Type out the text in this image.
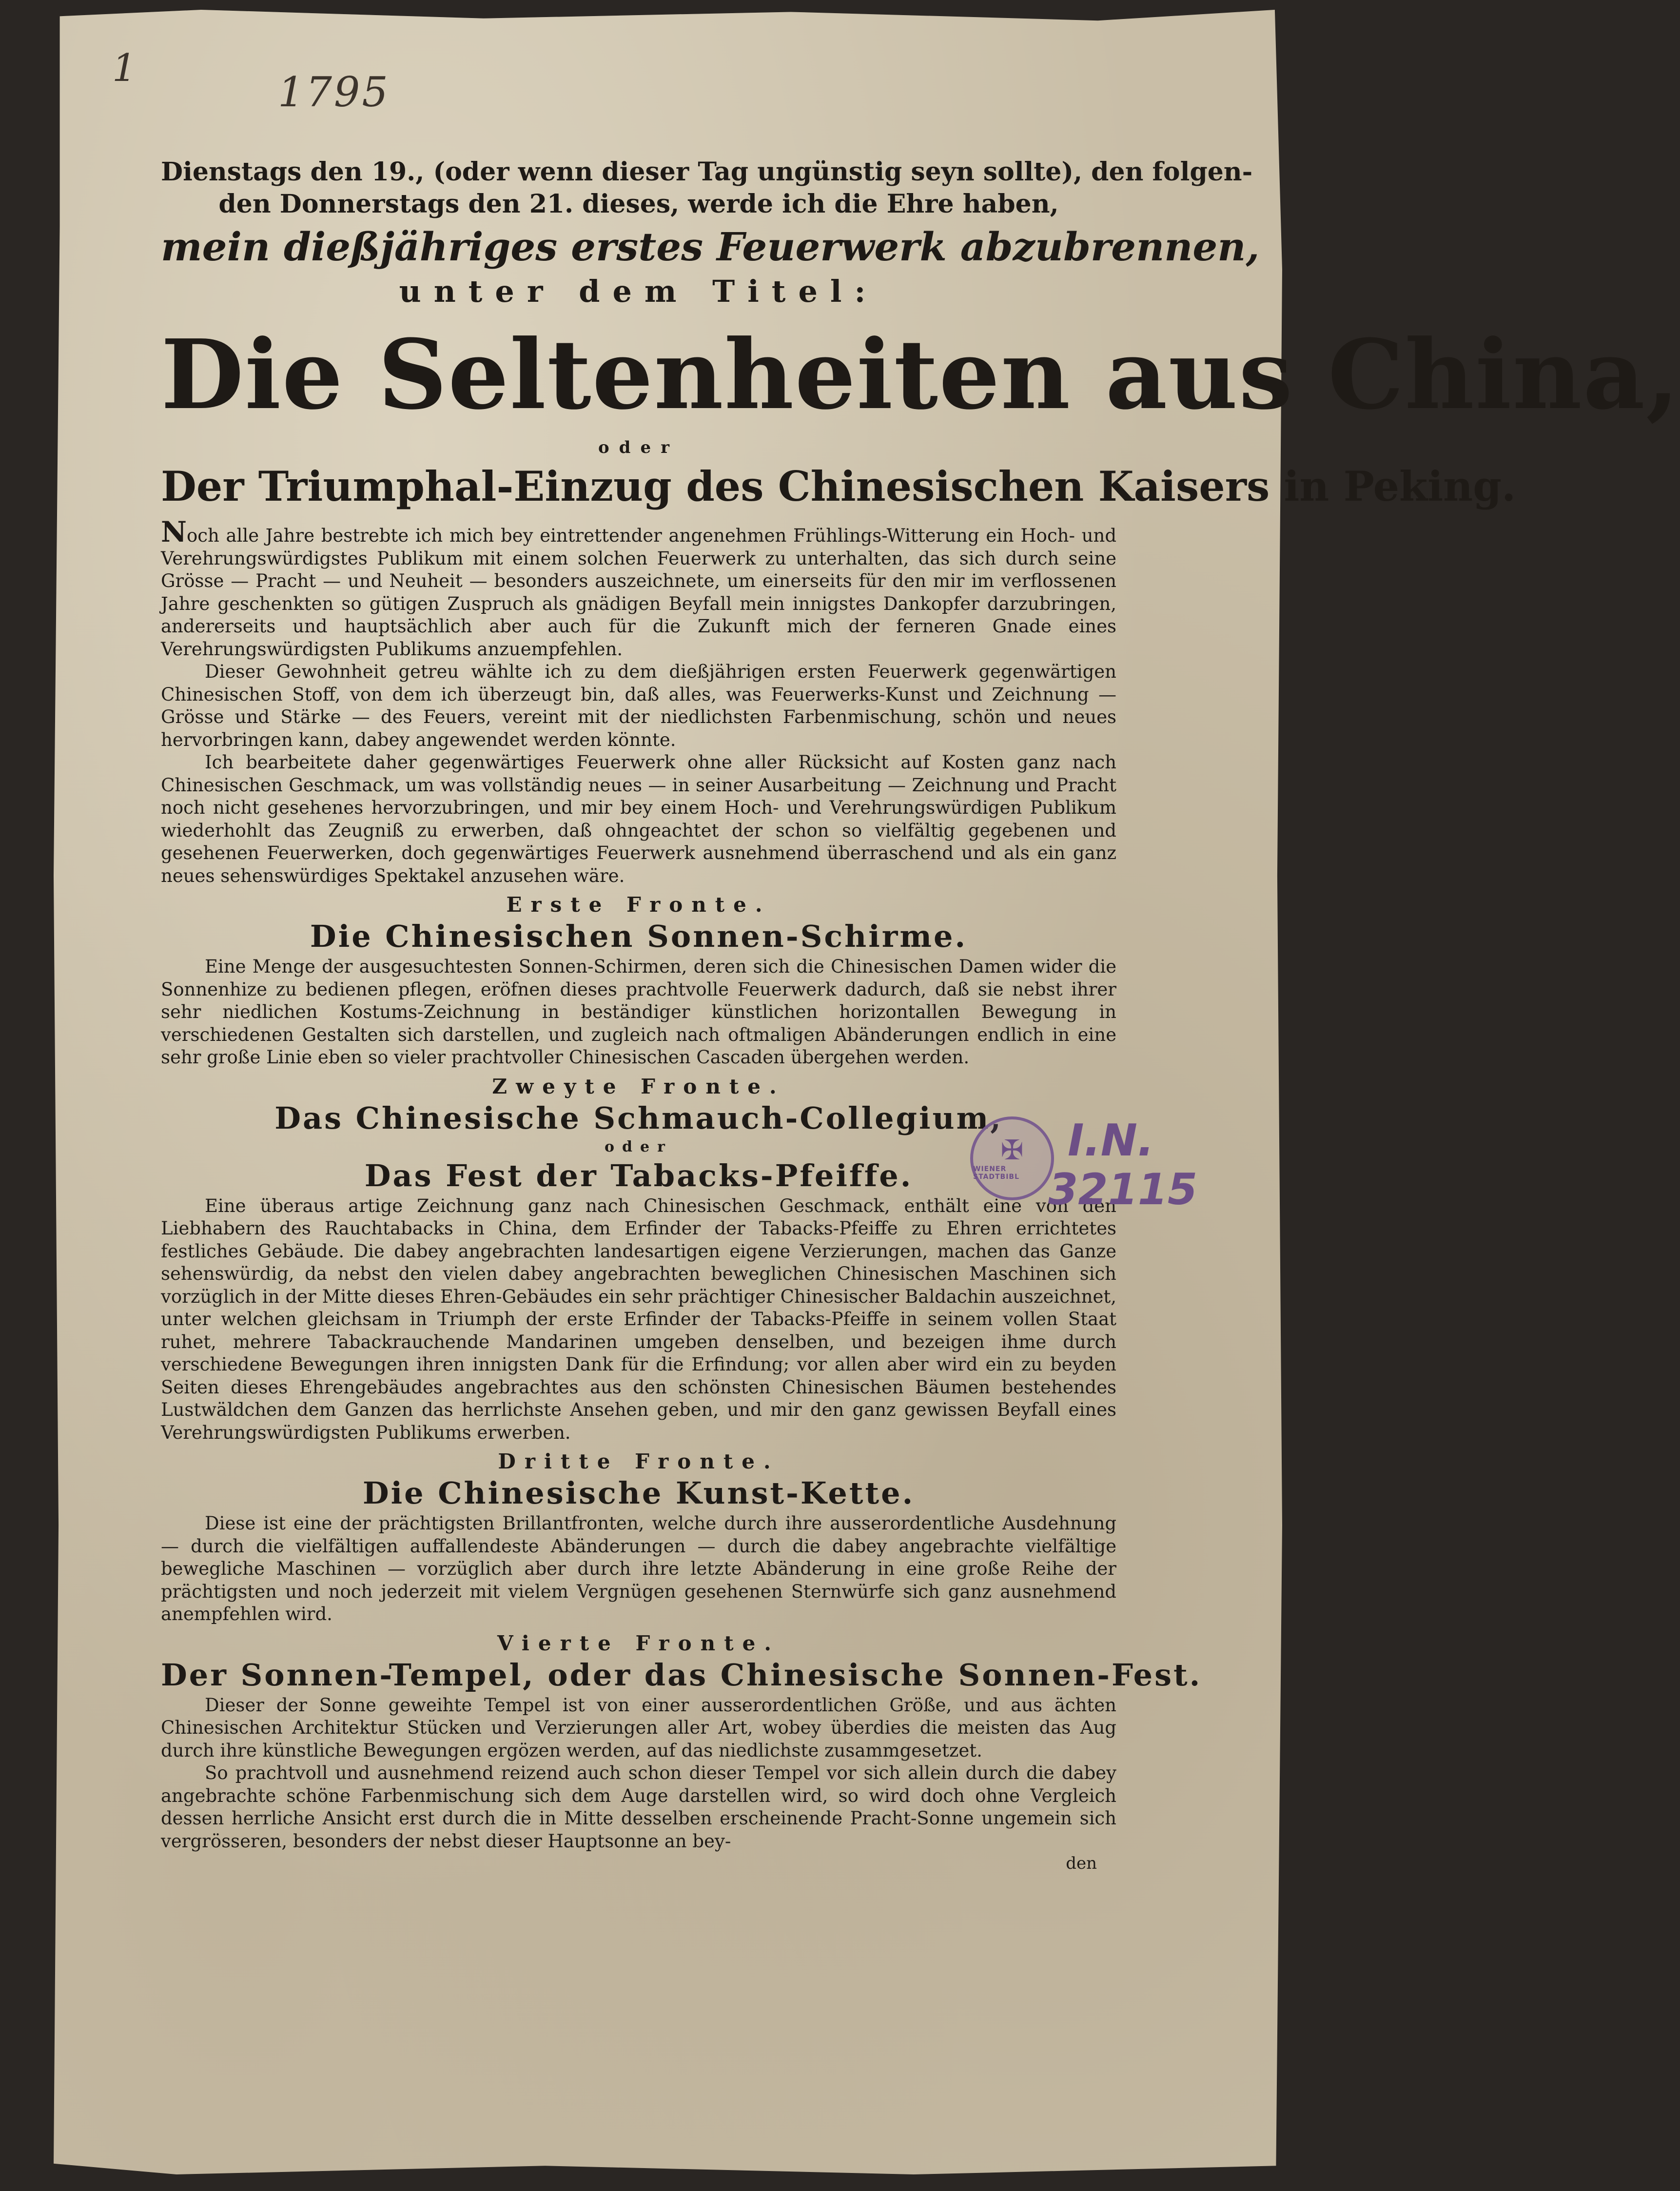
1	1795
Dienstags den 19., (oder wenn dieser Tag ungünstig seyn sollte), den folgen-
den Donnerstags den 21. dieses, werde ich die Ehre haben,
mein dießjähriges erstes Feuerwerk abzubrennen,
unter dem Titel:
Die Seltenheiten aus China,
oder
Der Triumphal-Einzug des Chinesischen Kaisers in Peking.

Noch alle Jahre bestrebte ich mich bey eintrettender angenehmen Frühlings-Witterung ein Hoch- und Verehrungswürdigstes Publikum mit einem solchen Feuerwerk zu unterhalten, das sich durch seine Grösse — Pracht — und Neuheit — besonders auszeichnete, um einerseits für den mir im verflossenen Jahre geschenkten so gütigen Zuspruch als gnädigen Beyfall mein innigstes Dankopfer darzubringen, andererseits und hauptsächlich aber auch für die Zukunft mich der ferneren Gnade eines Verehrungswürdigsten Publikums anzuempfehlen.

Dieser Gewohnheit getreu wählte ich zu dem dießjährigen ersten Feuerwerk gegenwärtigen Chinesischen Stoff, von dem ich überzeugt bin, daß alles, was Feuerwerks-Kunst und Zeichnung — Grösse und Stärke — des Feuers, vereint mit der niedlichsten Farbenmischung, schön und neues hervorbringen kann, dabey angewendet werden könnte.

Ich bearbeitete daher gegenwärtiges Feuerwerk ohne aller Rücksicht auf Kosten ganz nach Chinesischen Geschmack, um was vollständig neues — in seiner Ausarbeitung — Zeichnung und Pracht noch nicht gesehenes hervorzubringen, und mir bey einem Hoch- und Verehrungswürdigen Publikum wiederhohlt das Zeugniß zu erwerben, daß ohngeachtet der schon so vielfältig gegebenen und gesehenen Feuerwerken, doch gegenwärtiges Feuerwerk ausnehmend überraschend und als ein ganz neues sehenswürdiges Spektakel anzusehen wäre.

Erste Fronte.
Die Chinesischen Sonnen-Schirme.

Eine Menge der ausgesuchtesten Sonnen-Schirmen, deren sich die Chinesischen Damen wider die Sonnenhize zu bedienen pflegen, eröfnen dieses prachtvolle Feuerwerk dadurch, daß sie nebst ihrer sehr niedlichen Kostums-Zeichnung in beständiger künstlichen horizontallen Bewegung in verschiedenen Gestalten sich darstellen, und zugleich nach oftmaligen Abänderungen endlich in eine sehr große Linie eben so vieler prachtvoller Chinesischen Cascaden übergehen werden.

Zweyte Fronte.
Das Chinesische Schmauch-Collegium,
oder
Das Fest der Tabacks-Pfeiffe.

Eine überaus artige Zeichnung ganz nach Chinesischen Geschmack, enthält eine von den Liebhabern des Rauchtabacks in China, dem Erfinder der Tabacks-Pfeiffe zu Ehren errichtetes festliches Gebäude. Die dabey angebrachten landesartigen eigene Verzierungen, machen das Ganze sehenswürdig, da nebst den vielen dabey angebrachten beweglichen Chinesischen Maschinen sich vorzüglich in der Mitte dieses Ehren-Gebäudes ein sehr prächtiger Chinesischer Baldachin auszeichnet, unter welchen gleichsam in Triumph der erste Erfinder der Tabacks-Pfeiffe in seinem vollen Staat ruhet, mehrere Tabackrauchende Mandarinen umgeben denselben, und bezeigen ihme durch verschiedene Bewegungen ihren innigsten Dank für die Erfindung; vor allen aber wird ein zu beyden Seiten dieses Ehrengebäudes angebrachtes aus den schönsten Chinesischen Bäumen bestehendes Lustwäldchen dem Ganzen das herrlichste Ansehen geben, und mir den ganz gewissen Beyfall eines Verehrungswürdigsten Publikums erwerben.

Dritte Fronte.
Die Chinesische Kunst-Kette.

Diese ist eine der prächtigsten Brillantfronten, welche durch ihre ausserordentliche Ausdehnung — durch die vielfältigen auffallendeste Abänderungen — durch die dabey angebrachte vielfältige bewegliche Maschinen — vorzüglich aber durch ihre letzte Abänderung in eine große Reihe der prächtigsten und noch jederzeit mit vielem Vergnügen gesehenen Sternwürfe sich ganz ausnehmend anempfehlen wird.

Vierte Fronte.
Der Sonnen-Tempel, oder das Chinesische Sonnen-Fest.

Dieser der Sonne geweihte Tempel ist von einer ausserordentlichen Größe, und aus ächten Chinesischen Architektur Stücken und Verzierungen aller Art, wobey überdies die meisten das Aug durch ihre künstliche Bewegungen ergözen werden, auf das niedlichste zusammgesetzet.

So prachtvoll und ausnehmend reizend auch schon dieser Tempel vor sich allein durch die dabey angebrachte schöne Farbenmischung sich dem Auge darstellen wird, so wird doch ohne Vergleich dessen herrliche Ansicht erst durch die in Mitte desselben erscheinende Pracht-Sonne ungemein sich vergrösseren, besonders der nebst dieser Hauptsonne an bey-

den
✠
WIENER STADTBIBL
I.N.
32115
